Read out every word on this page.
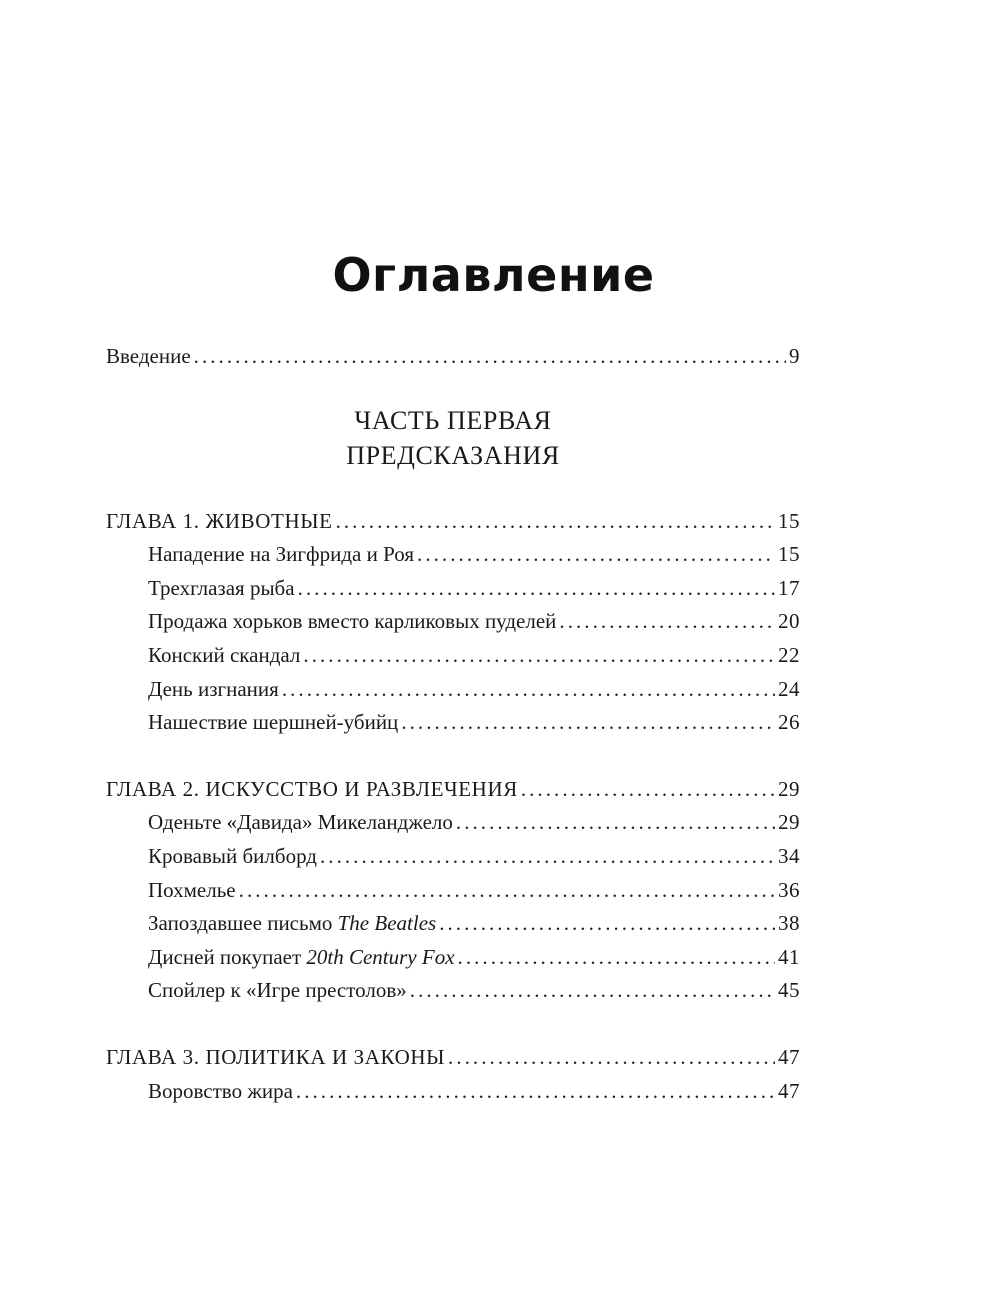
Оглавление
Введение . . .	9
ЧАСТЬ ПЕРВАЯ
ПРЕДСКАЗАНИЯ
ГЛАВА 1. ЖИВОТНЫЕ . . .	15
Нападение на Зигфрида и Роя . . .	15
Трехглазая рыба . . .	17
Продажа хорьков вместо карликовых пуделей . . .	20
Конский скандал . . .	22
День изгнания . . .	24
Нашествие шершней-убийц . . .	26
ГЛАВА 2. ИСКУССТВО И РАЗВЛЕЧЕНИЯ . . .	29
Оденьте «Давида» Микеланджело . . .	29
Кровавый билборд . . .	34
Похмелье . . .	36
Запоздавшее письмо The Beatles . . .	38
Дисней покупает 20th Century Fox . . .	41
Спойлер к «Игре престолов» . . .	45
ГЛАВА 3. ПОЛИТИКА И ЗАКОНЫ . . .	47
Воровство жира . . .	47
